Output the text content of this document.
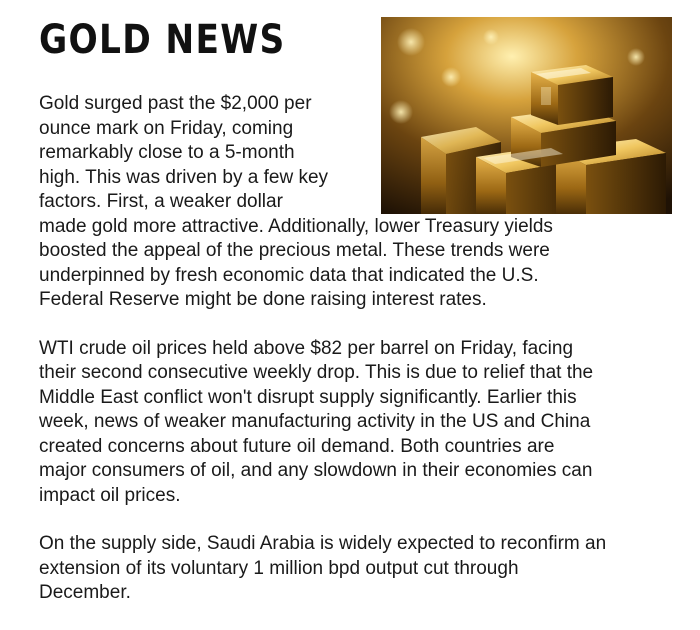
GOLD NEWS

Gold surged past the $2,000 per
ounce mark on Friday, coming
remarkably close to a 5-month
high. This was driven by a few key
factors. First, a weaker dollar
made gold more attractive. Additionally, lower Treasury yields
boosted the appeal of the precious metal. These trends were
underpinned by fresh economic data that indicated the U.S.
Federal Reserve might be done raising interest rates.

WTI crude oil prices held above $82 per barrel on Friday, facing
their second consecutive weekly drop. This is due to relief that the
Middle East conflict won't disrupt supply significantly. Earlier this
week, news of weaker manufacturing activity in the US and China
created concerns about future oil demand. Both countries are
major consumers of oil, and any slowdown in their economies can
impact oil prices.

On the supply side, Saudi Arabia is widely expected to reconfirm an
extension of its voluntary 1 million bpd output cut through
December.
